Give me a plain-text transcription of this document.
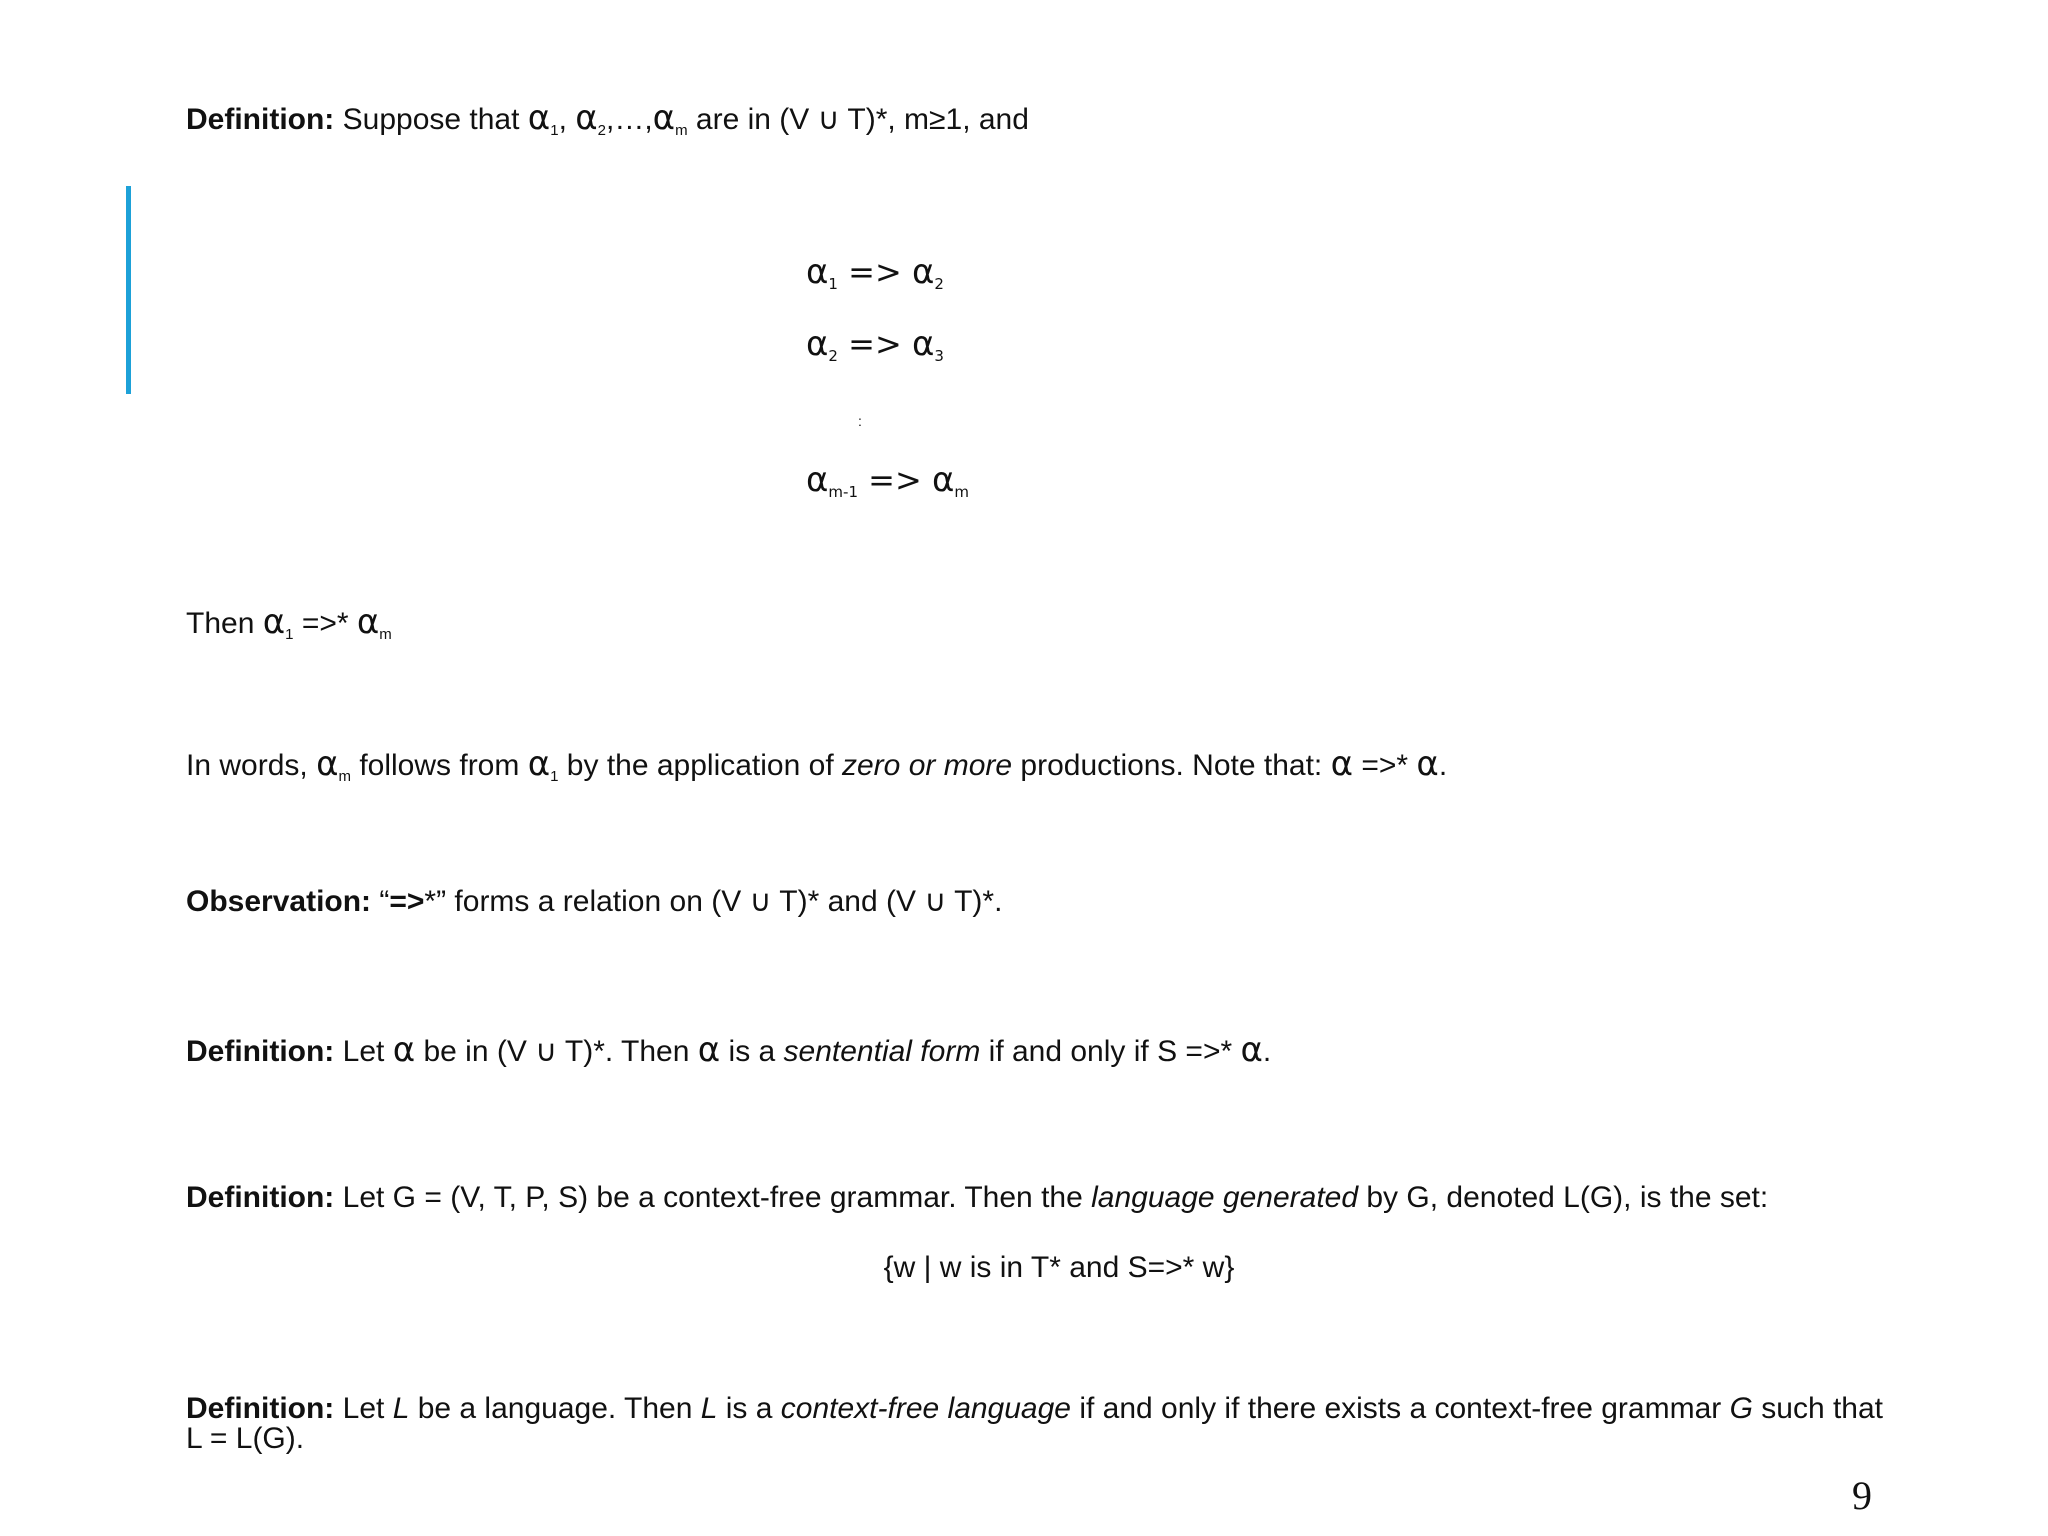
Definition: Suppose that $\alpha_1$, $\alpha_2,\dots,\alpha_m$ are in (V ∪ T)*, m≥1, and
$\alpha_1 => \alpha_2$
$\alpha_2 => \alpha_3$
:
$\alpha_{m-1} => \alpha_m$
Then $\alpha_1$ =>* $\alpha_m$
In words, $\alpha_m$ follows from $\alpha_1$ by the application of zero or more productions. Note that: α =>* α.
Observation: “=>*” forms a relation on (V ∪ T)* and (V ∪ T)*.
Definition: Let α be in (V ∪ T)*. Then α is a sentential form if and only if S =>* α.
Definition: Let G = (V, T, P, S) be a context-free grammar. Then the language generated by G, denoted L(G), is the set:
{w | w is in T* and S=>* w}
Definition: Let L be a language. Then L is a context-free language if and only if there exists a context-free grammar G such that L = L(G).
9
